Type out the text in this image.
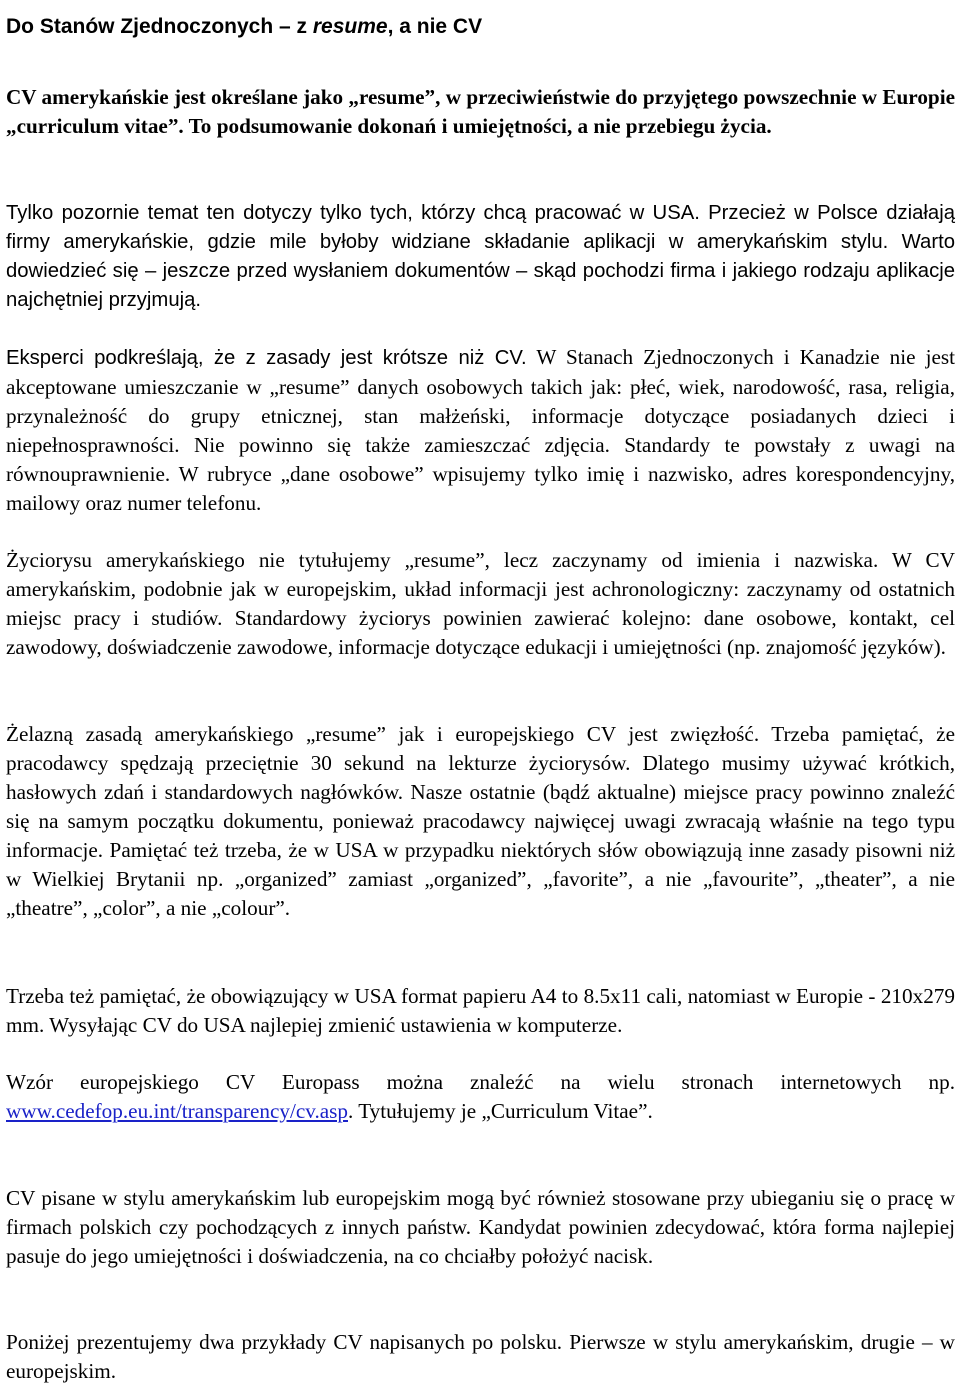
Do Stanów Zjednoczonych – z resume, a nie CV

CV amerykańskie jest określane jako „resume”, w przeciwieństwie do przyjętego powszechnie w Europie „curriculum vitae”. To podsumowanie dokonań i umiejętności, a nie przebiegu życia.

Tylko pozornie temat ten dotyczy tylko tych, którzy chcą pracować w USA. Przecież w Polsce działają firmy amerykańskie, gdzie mile byłoby widziane składanie aplikacji w amerykańskim stylu. Warto dowiedzieć się – jeszcze przed wysłaniem dokumentów – skąd pochodzi firma i jakiego rodzaju aplikacje najchętniej przyjmują.

Eksperci podkreślają, że z zasady jest krótsze niż CV. W Stanach Zjednoczonych i Kanadzie nie jest akceptowane umieszczanie w „resume” danych osobowych takich jak: płeć, wiek, narodowość, rasa, religia, przynależność do grupy etnicznej, stan małżeński, informacje dotyczące posiadanych dzieci i niepełnosprawności. Nie powinno się także zamieszczać zdjęcia. Standardy te powstały z uwagi na równouprawnienie. W rubryce „dane osobowe” wpisujemy tylko imię i nazwisko, adres korespondencyjny, mailowy oraz numer telefonu.

Życiorysu amerykańskiego nie tytułujemy „resume”, lecz zaczynamy od imienia i nazwiska. W CV amerykańskim, podobnie jak w europejskim, układ informacji jest achronologiczny: zaczynamy od ostatnich miejsc pracy i studiów. Standardowy życiorys powinien zawierać kolejno: dane osobowe, kontakt, cel zawodowy, doświadczenie zawodowe, informacje dotyczące edukacji i umiejętności (np. znajomość języków).

Żelazną zasadą amerykańskiego „resume” jak i europejskiego CV jest zwięzłość. Trzeba pamiętać, że pracodawcy spędzają przeciętnie 30 sekund na lekturze życiorysów. Dlatego musimy używać krótkich, hasłowych zdań i standardowych nagłówków. Nasze ostatnie (bądź aktualne) miejsce pracy powinno znaleźć się na samym początku dokumentu, ponieważ pracodawcy najwięcej uwagi zwracają właśnie na tego typu informacje. Pamiętać też trzeba, że w USA w przypadku niektórych słów obowiązują inne zasady pisowni niż w Wielkiej Brytanii np. „organized” zamiast „organized”, „favorite”, a nie „favourite”, „theater”, a nie „theatre”, „color”, a nie „colour”.

Trzeba też pamiętać, że obowiązujący w USA format papieru A4 to 8.5x11 cali, natomiast w Europie - 210x279 mm. Wysyłając CV do USA najlepiej zmienić ustawienia w komputerze.

Wzór europejskiego CV Europass można znaleźć na wielu stronach internetowych np. www.cedefop.eu.int/transparency/cv.asp. Tytułujemy je „Curriculum Vitae”.

CV pisane w stylu amerykańskim lub europejskim mogą być również stosowane przy ubieganiu się o pracę w firmach polskich czy pochodzących z innych państw. Kandydat powinien zdecydować, która forma najlepiej pasuje do jego umiejętności i doświadczenia, na co chciałby położyć nacisk.

Poniżej prezentujemy dwa przykłady CV napisanych po polsku. Pierwsze w stylu amerykańskim, drugie – w europejskim.
